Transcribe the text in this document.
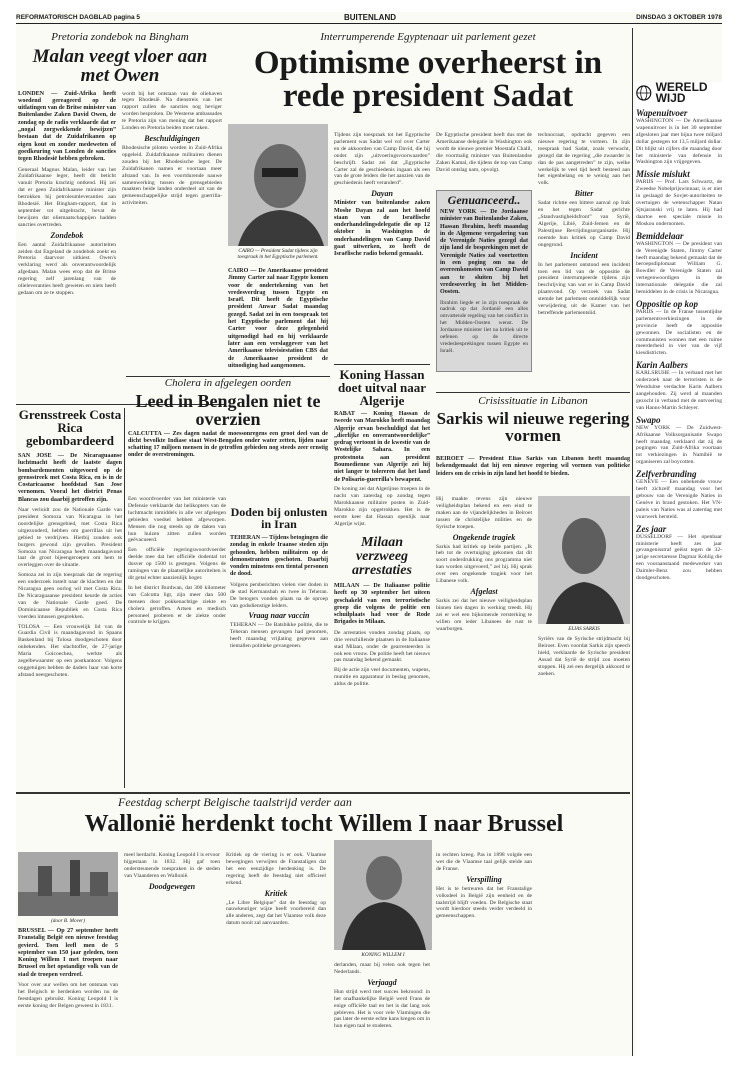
REFORMATORISCH DAGBLAD pagina 5	BUITENLAND	DINSDAG 3 OKTOBER 1978
Pretoria zondebok na Bingham
Malan veegt vloer aan met Owen
LONDEN — Zuid-Afrika heeft woedend gereageerd op de uitlatingen van de Britse minister van Buitenlandse Zaken David Owen, de zondag op de radio verklaarde dat er „nogal zorgwekkende bewijzen” bestaan dat de Zuidafrikanen op eigen kout en zonder medeweten of goedkeuring van Londen de sancties tegen Rhodesië hebben gebroken.
Generaal Magnus Malan, leider van het Zuidafrikaanse leger, heeft dit beticht vanuit Pretoria krachtig ontkend. Hij zei dat er geen Zuidafrikaanse minister zijn betrokken bij petroleumleveranties aan Rhodesië. Het Bingham-rapport, dat in september tot uitgebracht, bevat de bewijzen dat oliemaatschappijen hadden sancties overtreden.
Zondebok
Een aantal Zuidafrikaanse autoriteiten zeiden dat Engeland de zondebok zoekt en Pretoria daarvoor uitkiest. Owen's verklaring werd als onverantwoordelijk afgedaan. Malan wees erop dat de Britse regering zelf jarenlang van de olieleveranties heeft geweten en niets heeft gedaan om ze te stoppen.
wordt bij het ontstaan van de oliehaven tegen Rhodesië. Na dienstreis van het rapport zullen de sancties nog heviger worden besproken. De Westerse ambassades te Pretoria zijn van mening dat het rapport Londen en Pretoria beiden moet raken.
Beschuldigingen
Rhodesische piloten worden in Zuid-Afrika opgeleid. Zuidafrikaanse militairen dienen zouden bij het Rhodesische leger. De Zuidafrikanen namen er voortaan meer afstand van. In een voortdurende nauwe samenwerking tussen de grensgebieden maakten beide landen onderdeel uit van de gemeenschappelijke strijd tegen guerrilla-activiteiten.
Grensstreek Costa Rica gebombardeerd
SAN JOSE — De Nicaraguaanse luchtmacht heeft de laatste dagen bombardementen uitgevoerd op de grensstreek met Costa Rica, en is in de Costaricaanse hoofdstad San Jose vernomen. Vooral het district Penas Blancas zou daarbij getroffen zijn.
Naar verluidt zou de Nationale Garde van president Somoza van Nicaragua in het noordelijke grensgebied, met Costa Rica uitgezonderd, hebben om guerrillas uit het gebied te verdrijven. Hierbij zouden ook burgers gewond zijn gevallen. President Somoza van Nicaragua heeft maandagavond laat de groot bijeengeroepen om hem te overleggen over de situatie.
Somoza zei in zijn toespraak dat de regering een onderzoek instelt naar de klachten en dat Nicaragua geen oorlog wil met Costa Rica. De Nicaraguaanse president keurde de acties van de Nationale Garde goed. De Dominicaanse Republiek en Costa Rica voerden intussen gesprekken.
TOLOSA — Een vrouwelijk lid van de Guardia Civil is maandagavond in Spaans Baskenland bij Tolosa doodgeschoten door onbekenden. Het slachtoffer, de 27-jarige Maria Goicoechea, werkte als zegelbewaarster op een postkantoor. Volgens ooggetuigen hebben de daders haar van korte afstand neergeschoten.
Interrumperende Egyptenaar uit parlement gezet
Optimisme overheerst in rede president Sadat
CAIRO — President Sadat tijdens zijn toespraak in het Egyptische parlement.
CAIRO — De Amerikaanse president Jimmy Carter zal naar Egypte komen voor de ondertekening van het vredesverdrag tussen Egypte en Israël. Dit heeft de Egyptische president Anwar Sadat maandag gezegd. Sadat zei in een toespraak tot het Egyptische parlement dat hij Carter voor deze gelegenheid uitgenodigd had en hij verklaarde later aan een verslaggever van het Amerikaanse televisiestation CBS dat de Amerikaanse president de uitnodiging had aangenomen.
Tijdens zijn toespraak tot het Egyptische parlement was Sadat wel vol over Carter en de akkoorden van Camp David, die hij onder zijn „uitvoeringsvoorwaarden” beschrijft. Sadat zei dat „Egyptische Carter zal de geschiedenis ingaan als een van de grote leiders die het aanzien van de geschiedenis heeft veranderd”.
Dayan
Minister van buitenlandse zaken Moshe Dayan zal aan het hoofd staan van de Israëlische onderhandelingsdelegatie die op 12 oktober in Washington de onderhandelingen van Camp David gaat uitwerken, zo heeft de Israëlische radio bekend gemaakt.
De Egyptische president heeft dus met de Amerikaanse delegatie in Washington ook wordt de nieuwe premier Moestafa Chalil, die voormalig minister van Buitenlandse Zaken Kamal, die tijdens de top van Camp David ontslag nam, opvolgt.
Genuanceerd..
NEW YORK — De Jordaanse minister van Buitenlandse Zaken, Hassan Ibrahim, heeft maandag in de Algemene vergadering van de Verenigde Naties gezegd dat zijn land de besprekingen met de Verenigde Naties zal voortzetten in een poging om na de overeenkomsten van Camp David aan te sluiten bij het vredesoverleg in het Midden-Oosten.
Ibrahim liegde er in zijn toespraak de nadruk op dat Jordanië een alles omvattende regeling van het conflict in het Midden-Oosten wenst. De Jordaanse minister liet na kritiek uit te oefenen op de directe vredesbesprekingen tussen Egypte en Israël.
technocraat, opdracht gegeven een nieuwe regering te vormen. In zijn toespraak had Sadat, zoals verwacht, gezegd dat de regering „die zwaarder is dan de pas aangetreden” te zijn, welke werkelijk te veel tijd heeft besteed aan het eigenbelang en te weinig aan het volk.
Bitter
Sadat richtte een bittere aanval op Irak en het tegen Sadat gerichte „Standvastigheidsfront” van Syrië, Algerije, Libië, Zuid-Jemen en de Palestijnse Bevrijdingsorganisatie. Hij noemde hun kritiek op Camp David ongegrond.
Incident
In het parlement ontstond een incident toen een lid van de oppositie de president interrumpeerde tijdens zijn beschrijving van wat er in Camp David plaatsvond. Op verzoek van Sadat stemde het parlement onmiddellijk voor verwijdering uit de Kamer van het betreffende parlementslid.
Koning Hassan doet uitval naar Algerije
RABAT — Koning Hassan de tweede van Marokko heeft maandag Algerije ervan beschuldigd dat het „dierlijke en onverantwoordelijke” gedrag vertoont in de kwestie van de Westelijke Sahara. In een protestnota aan president Boumedienne van Algerije zei hij niet langer te tolereren dat het land de Polisario-guerrilla's bewapent.
De koning zei dat Algerijnse troepen in de nacht van zaterdag op zondag tegen Marokkaanse militaire posten in Zuid-Marokko zijn opgetrokken. Het is de eerste keer dat Hassan openlijk naar Algerije wijst.
Cholera in afgelegen oorden
Leed in Bengalen niet te overzien
CALCUTTA — Zes dagen nadat de moessonregens een groot deel van de dicht bevolkte Indiase staat West-Bengalen onder water zetten, lijden naar schatting 17 miljoen mensen in de getroffen gebieden nog steeds zeer ernstig onder de overstromingen.
Een woordvoerder van het ministerie van Defensie verklaarde dat helikopters van de luchtmacht inmiddels in alle ver afgelegen gebieden voedsel hebben afgeworpen. Mensen die nog steeds op de daken van hun huizen zitten zullen worden geëvacueerd.
Een officiële regeringswoordvoerder deelde mee dat het officiële dodental tot dusver op 1500 is gestegen. Volgens de ramingen van de plaatselijke autoriteiten is dit getal echter aanzienlijk hoger.
In het district Burdwan, dat 300 kilometer van Calcutta ligt, zijn meer dan 500 mensen door pokkenachtige ziekte en cholera getroffen. Artsen en medisch personeel proberen er de ziekte onder controle te krijgen.
Doden bij onlusten in Iran
TEHERAN — Tijdens betogingen die zondag in enkele Iraanse steden zijn gehouden, hebben militairen op de demonstranten geschoten. Daarbij vonden minstens een tiental personen de dood.
Volgens persberichten vielen vier doden in de stad Kermanshah en twee in Teheran. De betogers vonden plaats na de oproep van godsdienstige leiders.
Vraag naar vaccin
TEHERAN — De Batsbikke politie, die te Teheran mensen gevangen had genomen, heeft maandag vrijlating gegeven aan tientallen politieke gevangenen.
Milaan verzweeg arrestaties
MILAAN — De Italiaanse politie heeft op 30 september het uiteen geschakeld van een terroristische groep die volgens de politie een schuilplaats had voor de Rode Brigades in Milaan.
De arrestaties vonden zondag plaats, op drie verschillende plaatsen in de Italiaanse stad Milaan, onder de gearresteerden is ook een vrouw. De politie heeft het nieuws pas maandag bekend gemaakt.
Bij de actie zijn veel documenten, wapens, munitie en apparatuur in beslag genomen, aldus de politie.
Crisissituatie in Libanon
Sarkis wil nieuwe regering vormen
BEIROET — President Elias Sarkis van Libanon heeft maandag bekendgemaakt dat hij een nieuwe regering wil vormen van politieke leiders om de crisis in zijn land het hoofd te bieden.
Hij maakte tevens zijn nieuwe veiligheidsplan bekend en een eind te maken aan de vijandelijkheden in Beiroet tussen de christelijke milities en de Syrische troepen.
Ongekende tragiek
Sarkis had kritiek op beide partijen. „Ik heb tot de overtuiging gekomen dat dit soort onderdrukking ons programma niet kan worden uitgevoerd,” zei hij. Hij sprak over een ongekende tragiek voor het Libanese volk.
Afgelast
Sarkis zei dat het nieuwe veiligheidsplan binnen tien dagen in werking treedt. Hij zei er wel een bijkomende versterking te willen om ieder Libanees de rust te waarborgen.	ELIAS SARKIS
Syriërs van de Syrische strijdmacht bij Beiroet. Even voordat Sarkis zijn speech hield, verklaarde de Syrische president Assad dat Syrië de strijd zou moeten stoppen. Hij zei een dergelijk akkoord te zoeken.
Feestdag scherpt Belgische taalstrijd verder aan
Wallonië herdenkt tocht Willem I naar Brussel
(door B. Mover)
BRUSSEL — Op 27 september heeft Franstalig België een nieuwe feestdag gevierd. Toen leefl men de 5 september van 150 jaar geleden, toen Koning Willem I met troepen naar Brussel en het opstandige volk van de stad de troepen verdreef.
Voor over uur wellen om het ontstaan van het Belgisch te herdenken worden nu de feestdagen gebruikt. Koning Leopold I is eerste koning der Belgen geweest in 1831.
meel herdacht. Koning Leopold I is ervoor bijgestaan in 1832. Hij gaf toen ondersteunende toespraken in de steden van Vlaanderen en Wallonië.
Doodgewegen
Kritiek op de viering is er ook. Vlaamse bewegingen verwijten de Franstaligen dat het een eenzijdige herdenking is. De regering heeft de feestdag niet officieel erkend.
Kritiek
„Le Libre Belgique” dat de feestdag op nauwkeuriger wijze heeft voorbereid dan alle anderen, zegt dat het Vlaamse volk deze datum nooit zal aanvaarden.
KONING WILLEM I
derlanden, maar bij velen ook tegen het Nederlands.
Verjaagd
Hun strijd werd met succes bekroond: in het onafhankelijke België werd Frans de enige officiële taal en het is dat lang ook gebleven. Het is voor vele Vlamingen die pas later de eerste echte kans kregen om in hun eigen taal te studeren.
in rechten kreeg. Pas in 1898 volgde een wet die de Vlaamse taal gelijk stelde aan de Franse.
Verspilling
Het is te betreuren dat het Franstalige volksdeel in België zijn eenheid en de taalstrijd blijft voeden. De Belgische staat wordt hierdoor steeds verder verdeeld in gemeenschappen.
WERELD WIJD
Wapenuitvoer
WASHINGTON — De Amerikaanse wapenuitvoer is in het 30 september afgesloten jaar met bijna twee miljard dollar gestegen tot 13,5 miljard dollar. Dit blijkt uit cijfers die maandag door het ministerie van defensie in Washington zijn vrijgegeven.
Missie mislukt
PARIJS — Prof. Lars Schwartz, de Zweedse Nobelprijswinnaar, is er niet in geslaagd de Sovjet-autoriteiten te overtuigen de wetenschapper Natan Sjtsjaranski vrij te laten. Hij had daartoe een speciale missie in Moskou ondernomen.
Bemiddelaar
WASHINGTON — De president van de Verenigde Staten, Jimmy Carter heeft maandag bekend gemaakt dat de beroepsdiplomaat William G. Bowdler de Verenigde Staten zal vertegenwoordigen in de internationale delegatie die zal bemiddelen in de crisis in Nicaragua.
Oppositie op kop
PARIJS — In de Franse tussentijdse parlementsverkiezingen in de provincie heeft de oppositie gewonnen. De socialisten en de communisten wonnen met een ruime meerderheid in vier van de vijf kiesdistricten.
Karin Aalbers
KARLSRUHE — In verband met het onderzoek naar de terroristen is de Westduitse verdachte Karin Aalbers aangehouden. Zij werd al maanden gezocht in verband met de ontvoering van Hanns-Martin Schleyer.
Swapo
NEW YORK — De Zuidwest-Afrikaanse Volksorganisatie Swapo heeft maandag verklaard dat zij de pogingen van Zuid-Afrika voortaan tot verkiezingen in Namibië te organiseren zal boycotten.
Zelfverbranding
GENEVE — Een onbekende vrouw heeft zichzelf maandag voor het gebouw van de Verenigde Naties in Genève in brand gestoken. Het VN-paleis van Naties was al zaterdag met vuurwerk hersteld.
Zes jaar
DÜSSELDORF — Het openbaar ministerie heeft zes jaar gevangenisstraf geëist tegen de 32-jarige secretaresse Dagmar Kohlig die een vooraanstaand medewerker van Daimler-Benz zou hebben doodgeschoten.
